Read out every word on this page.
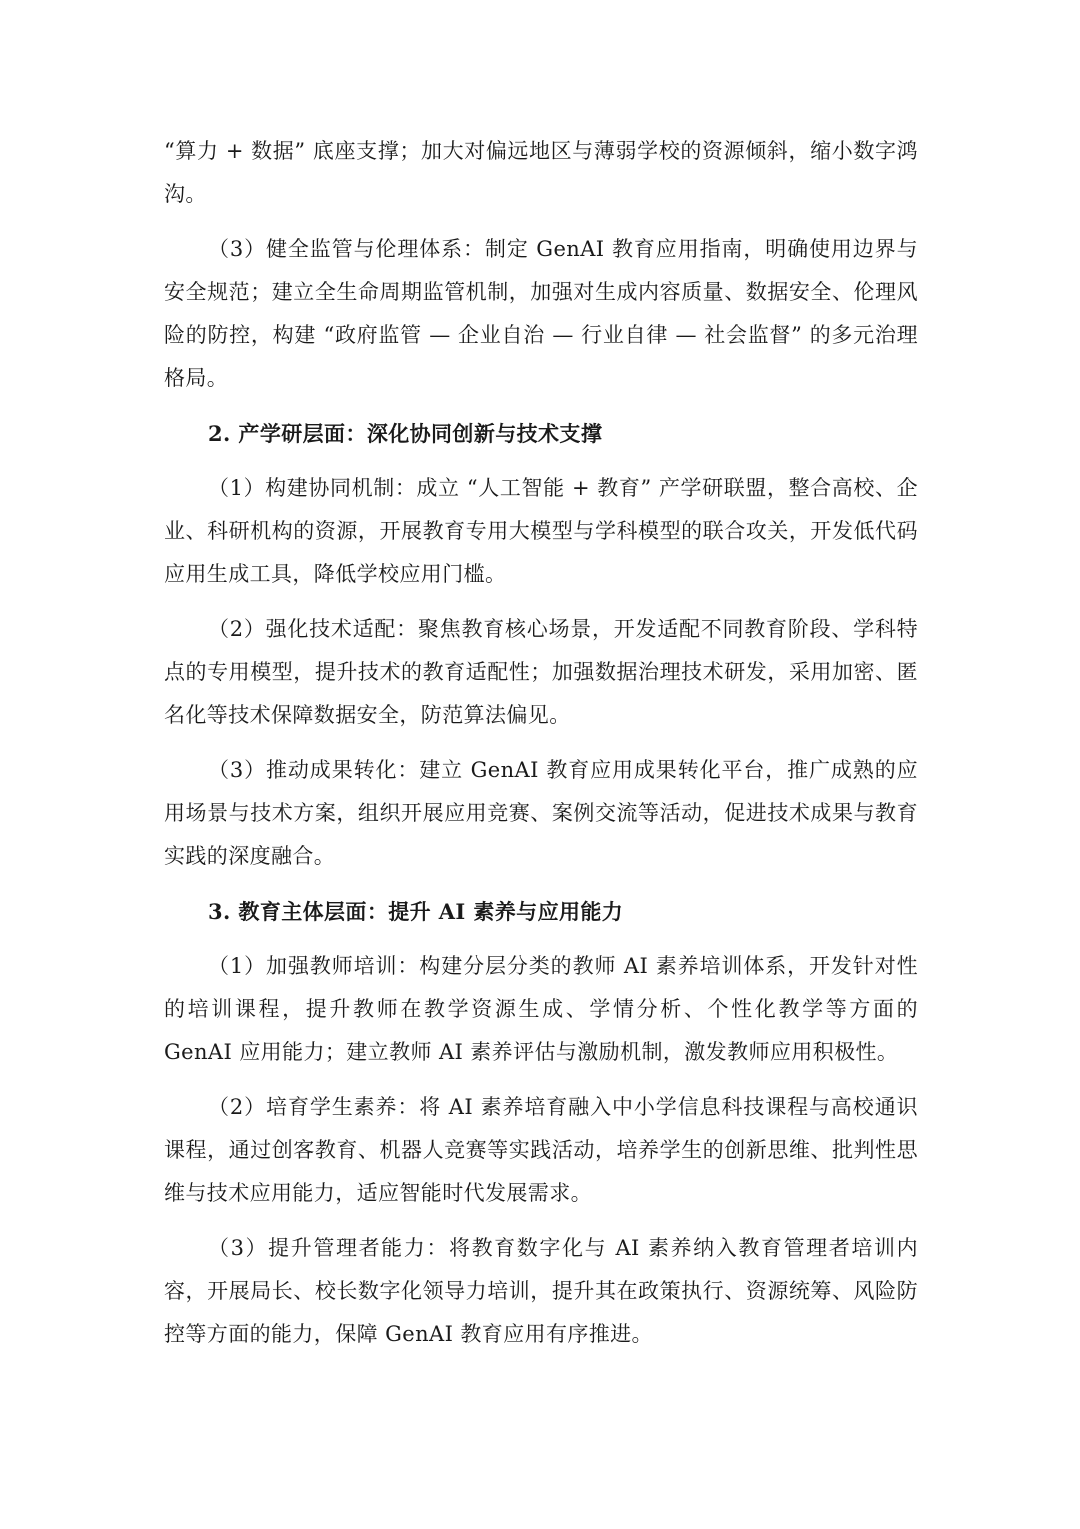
“算力 + 数据” 底座支撑；加大对偏远地区与薄弱学校的资源倾斜，缩小数字鸿沟。

（3）健全监管与伦理体系：制定 GenAI 教育应用指南，明确使用边界与安全规范；建立全生命周期监管机制，加强对生成内容质量、数据安全、伦理风险的防控，构建 “政府监管 — 企业自治 — 行业自律 — 社会监督” 的多元治理格局。

2. 产学研层面：深化协同创新与技术支撑

（1）构建协同机制：成立 “人工智能 + 教育” 产学研联盟，整合高校、企业、科研机构的资源，开展教育专用大模型与学科模型的联合攻关，开发低代码应用生成工具，降低学校应用门槛。

（2）强化技术适配：聚焦教育核心场景，开发适配不同教育阶段、学科特点的专用模型，提升技术的教育适配性；加强数据治理技术研发，采用加密、匿名化等技术保障数据安全，防范算法偏见。

（3）推动成果转化：建立 GenAI 教育应用成果转化平台，推广成熟的应用场景与技术方案，组织开展应用竞赛、案例交流等活动，促进技术成果与教育实践的深度融合。

3. 教育主体层面：提升 AI 素养与应用能力

（1）加强教师培训：构建分层分类的教师 AI 素养培训体系，开发针对性的培训课程，提升教师在教学资源生成、学情分析、个性化教学等方面的 GenAI 应用能力；建立教师 AI 素养评估与激励机制，激发教师应用积极性。

（2）培育学生素养：将 AI 素养培育融入中小学信息科技课程与高校通识课程，通过创客教育、机器人竞赛等实践活动，培养学生的创新思维、批判性思维与技术应用能力，适应智能时代发展需求。

（3）提升管理者能力：将教育数字化与 AI 素养纳入教育管理者培训内容，开展局长、校长数字化领导力培训，提升其在政策执行、资源统筹、风险防控等方面的能力，保障 GenAI 教育应用有序推进。
